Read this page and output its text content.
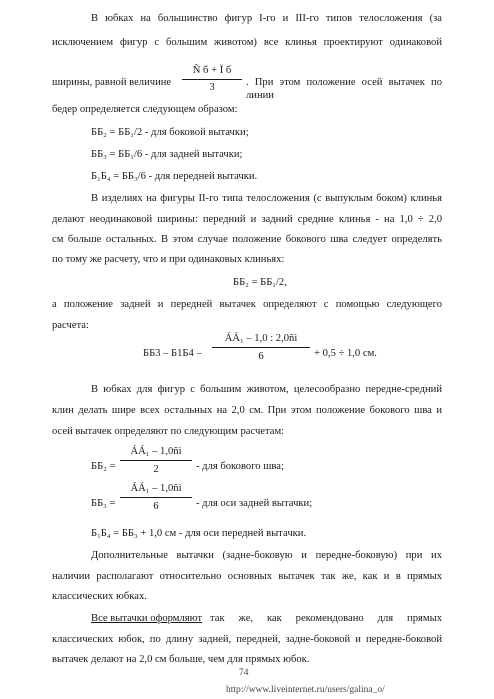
В юбках на большинство фигур I-го и III-го типов телосложения (за
исключением фигур с большим животом) все клинья проектируют одинаковой
ширины, равной величине
Ñ б + Ï б
3	. При этом положение осей вытачек по линии
бедер определяется следующем образом:
ББ₂ = ББ₁/2 - для боковой вытачки;
ББ₃ = ББ₁/6 - для задней вытачки;
Б₁Б₄ = ББ₃/6 - для передней вытачки.
В изделиях на фигуры II-го типа телосложения (с выпуклым боком) клинья
делают неодинаковой ширины: передний и задний средние клинья - на 1,0 ÷ 2,0
см больше остальных. В этом случае положение бокового шва следует определять
по тому же расчету, что и при одинаковых клиньях:
ББ₂ = ББ₁/2,
а положение задней и передней вытачек определяют с помощью следующего
расчета:
ББ3 – Б1Б4 –
ÁÁ₁ – 1,0 : 2,0ñì
6	+ 0,5 ÷ 1,0 см.
В юбках для фигур с большим животом, целесообразно передне-средний
клин делать шире всех остальных на 2,0 см. При этом положение бокового шва и
осей вытачек определяют по следующим расчетам:
ББ₂ =
ÁÁ₁ – 1,0ñì
2	- для бокового шва;
ББ₃ =
ÁÁ₁ – 1,0ñì
6	- для оси задней вытачки;
Б₁Б₄ = ББ₃ + 1,0 см - для оси передней вытачки.
Дополнительные вытачки (задне-боковую и передне-боковую) при их
наличии располагают относительно основных вытачек так же, как и в прямых
классических юбках.
Все вытачки оформляют так же, как рекомендовано для прямых
классических юбок, по длину задней, передней, задне-боковой и передне-боковой
вытачек делают на 2,0 см больше, чем для прямых юбок.
74
http://www.liveinternet.ru/users/galina_o/
